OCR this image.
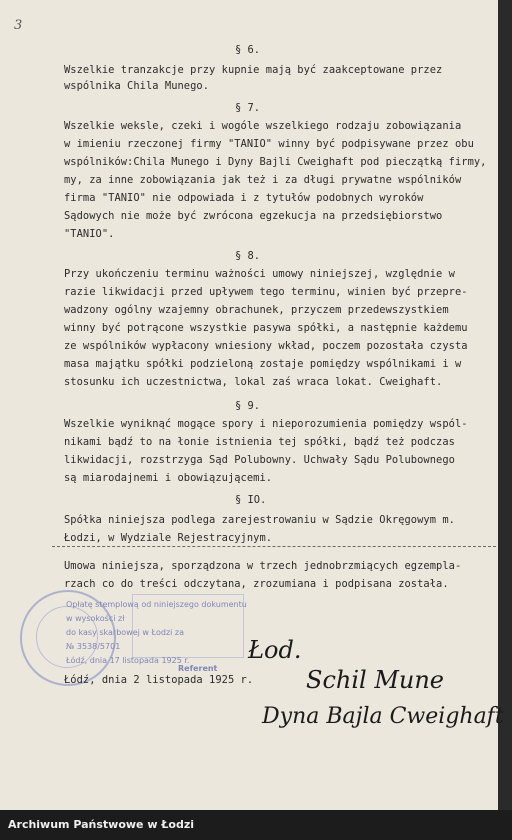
3
§ 6.
Wszelkie tranzakcje przy kupnie mają być zaakceptowane przez
wspólnika Chila Munego.
§ 7.
Wszelkie weksle, czeki i wogóle wszelkiego rodzaju zobowiązania
w imieniu rzeczonej firmy "TANIO" winny być podpisywane przez obu
wspólników:Chila Munego i Dyny Bajli Cweighaft pod pieczątką firmy,
my, za inne zobowiązania jak też i za długi prywatne wspólników
firma "TANIO" nie odpowiada i z tytułów podobnych wyroków
Sądowych nie może być zwrócona egzekucja na przedsiębiorstwo
"TANIO".
§ 8.
Przy ukończeniu terminu ważności umowy niniejszej, względnie w
razie likwidacji przed upływem tego terminu, winien być przepre-
wadzony ogólny wzajemny obrachunek, przyczem przedewszystkiem
winny być potrącone wszystkie pasywa spółki, a następnie każdemu
ze wspólników wypłacony wniesiony wkład, poczem pozostała czysta
masa majątku spółki podzieloną zostaje pomiędzy wspólnikami i w
stosunku ich uczestnictwa, lokal zaś wraca lokat. Cweighaft.
§ 9.
Wszelkie wyniknąć mogące spory i nieporozumienia pomiędzy wspól-
nikami bądź to na łonie istnienia tej spółki, bądź też podczas
likwidacji, rozstrzyga Sąd Polubowny. Uchwały Sądu Polubownego
są miarodajnemi i obowiązującemi.
§ IO.
Spółka niniejsza podlega zarejestrowaniu w Sądzie Okręgowym m.
Łodzi, w Wydziale Rejestracyjnym.
Umowa niniejsza, sporządzona w trzech jednobrzmiących egzempla-
rzach co do treści odczytana, zrozumiana i podpisana została.
Opłatę stemplową od niniejszego dokumentu
w wysokości zł
do kasy skarbowej w Łodzi za
№ 3538/5701
Łódź, dnia 17 listopada 1925 r.
Referent
Łódź, dnia 2 listopada 1925 r.
Łod.
Schil Mune
Dyna Bajla Cweighaft
Archiwum Państwowe w Łodzi
